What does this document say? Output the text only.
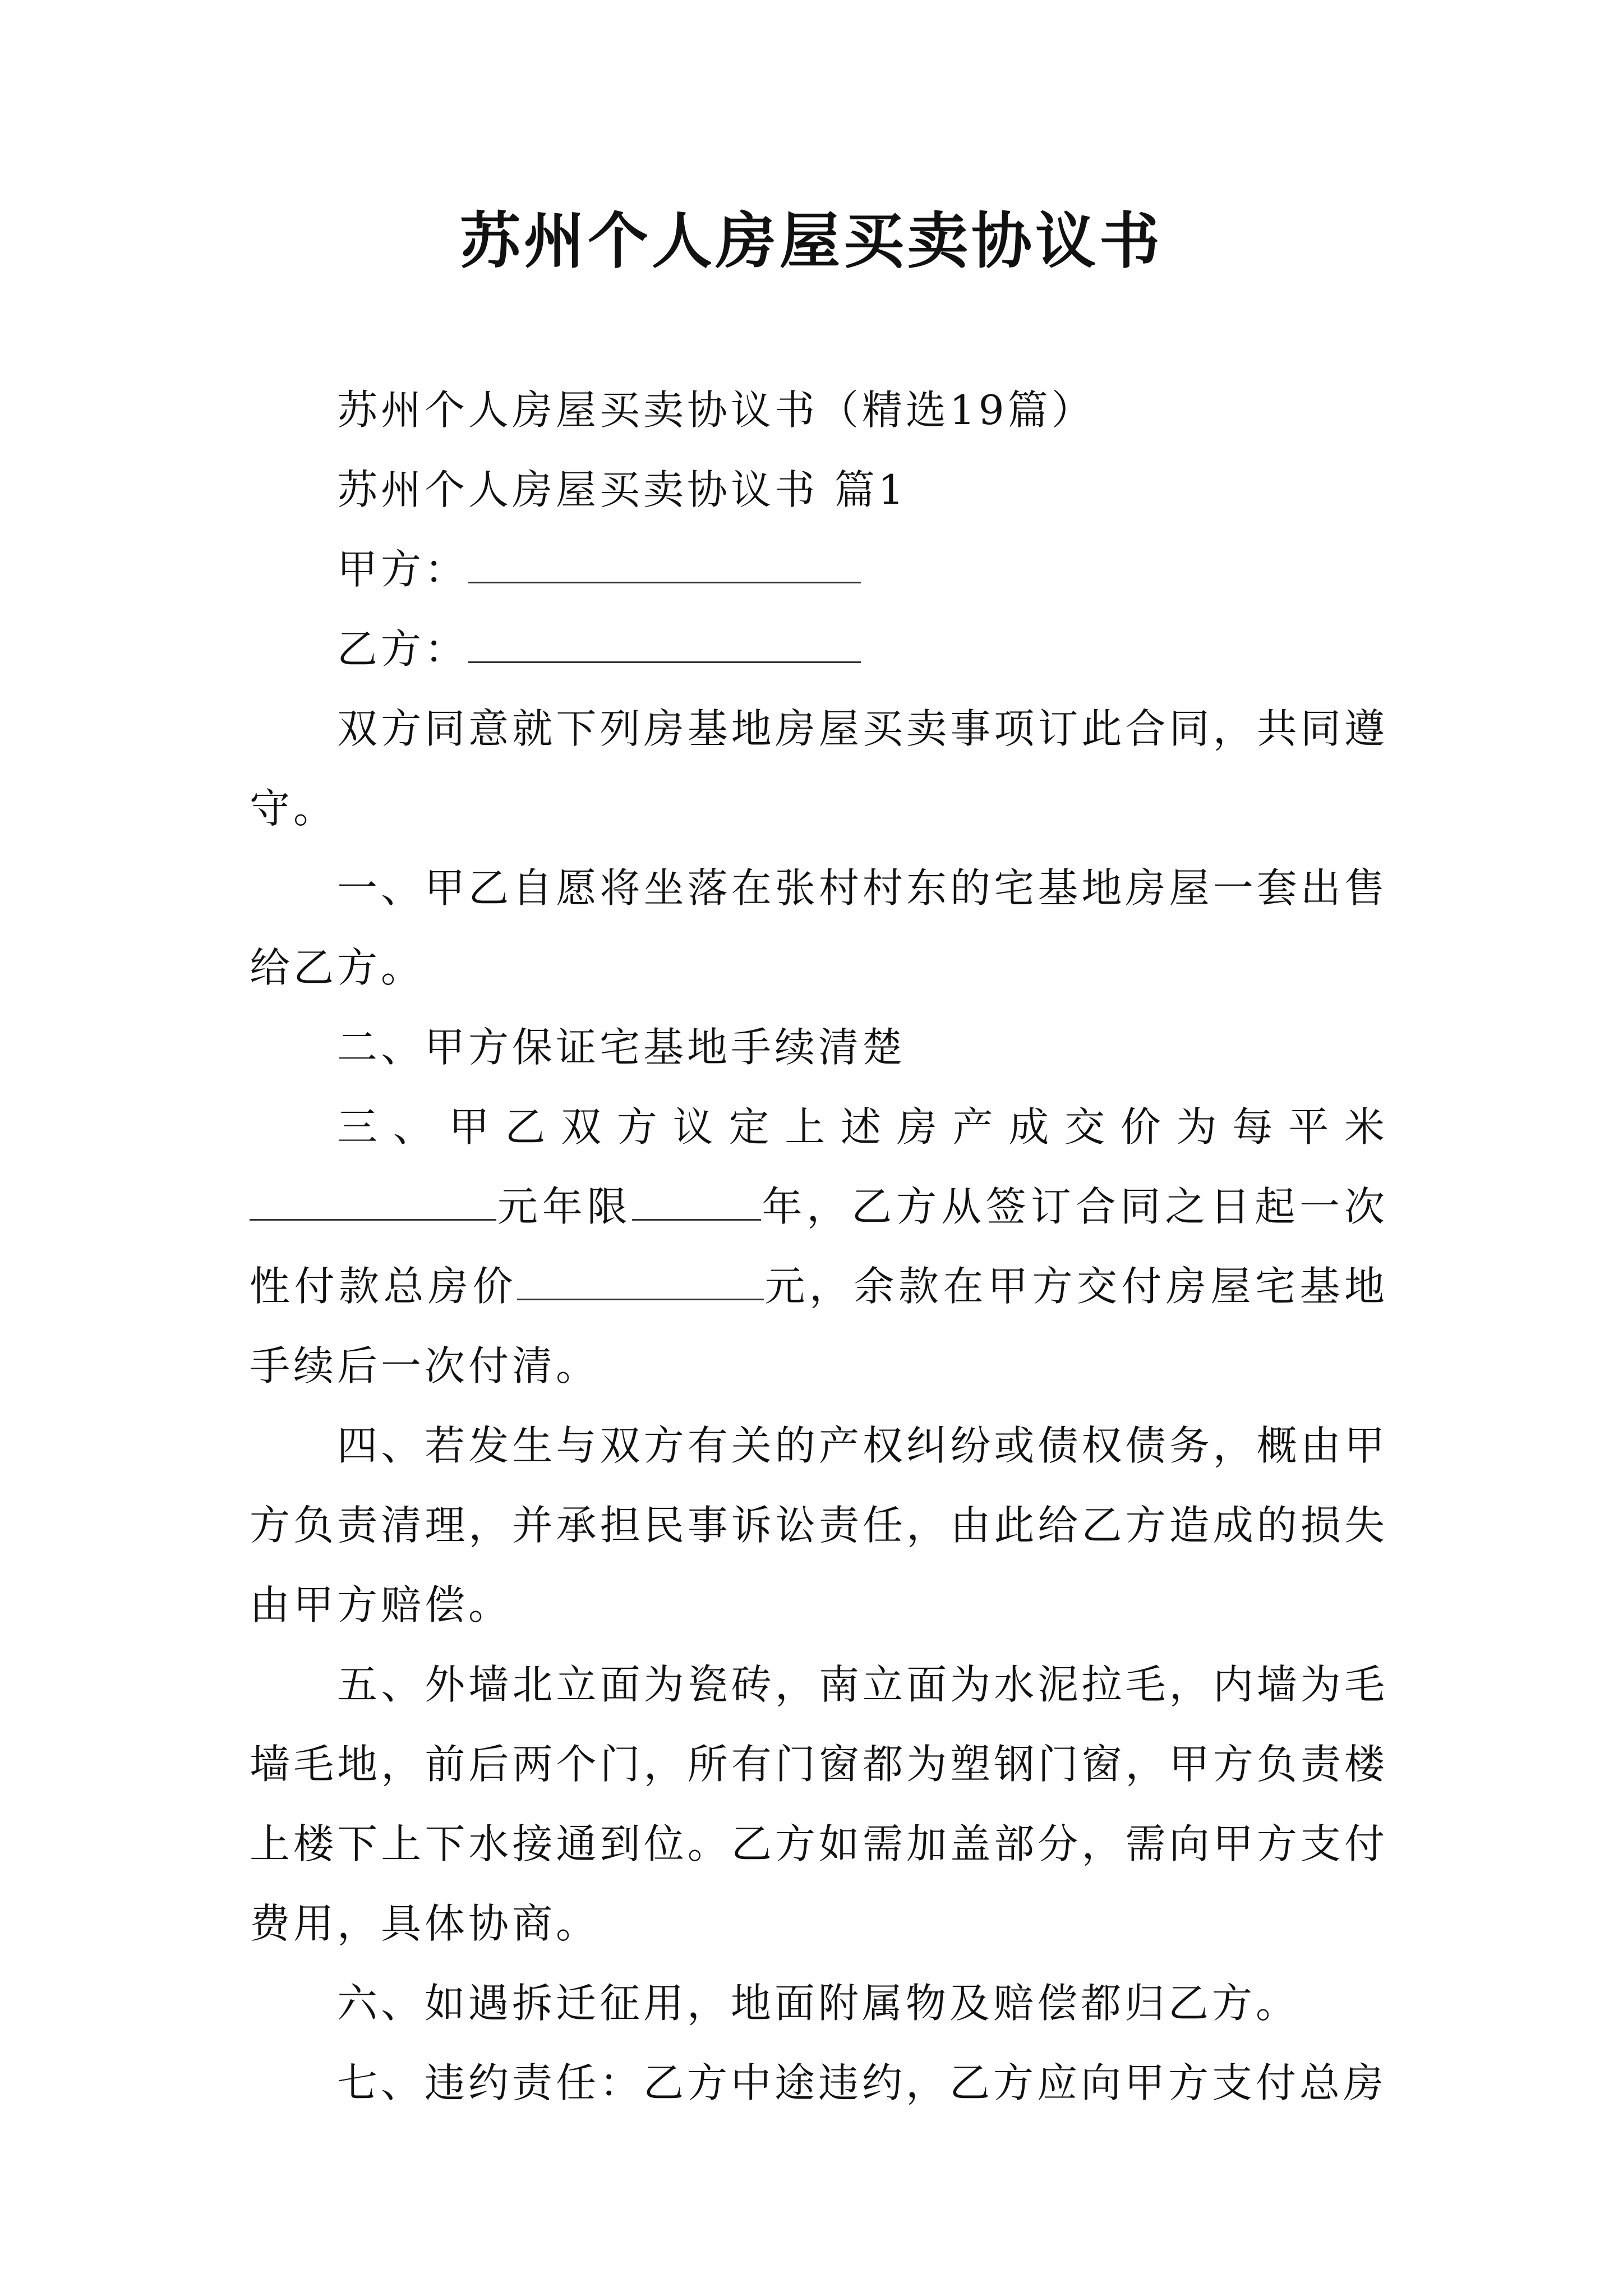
苏州个人房屋买卖协议书

苏州个人房屋买卖协议书（精选19篇）

苏州个人房屋买卖协议书 篇1

甲方：

乙方：

双方同意就下列房基地房屋买卖事项订此合同，共同遵守。

一、甲乙自愿将坐落在张村村东的宅基地房屋一套出售给乙方。

二、甲方保证宅基地手续清楚

三、甲乙双方议定上述房产成交价为每平米元年限	年，乙方从签订合同之日起一次性付款总房价	元，余款在甲方交付房屋宅基地手续后一次付清。

四、若发生与双方有关的产权纠纷或债权债务，概由甲方负责清理，并承担民事诉讼责任，由此给乙方造成的损失由甲方赔偿。

五、外墙北立面为瓷砖，南立面为水泥拉毛，内墙为毛墙毛地，前后两个门，所有门窗都为塑钢门窗，甲方负责楼上楼下上下水接通到位。乙方如需加盖部分，需向甲方支付费用，具体协商。

六、如遇拆迁征用，地面附属物及赔偿都归乙方。

七、违约责任：乙方中途违约，乙方应向甲方支付总房
